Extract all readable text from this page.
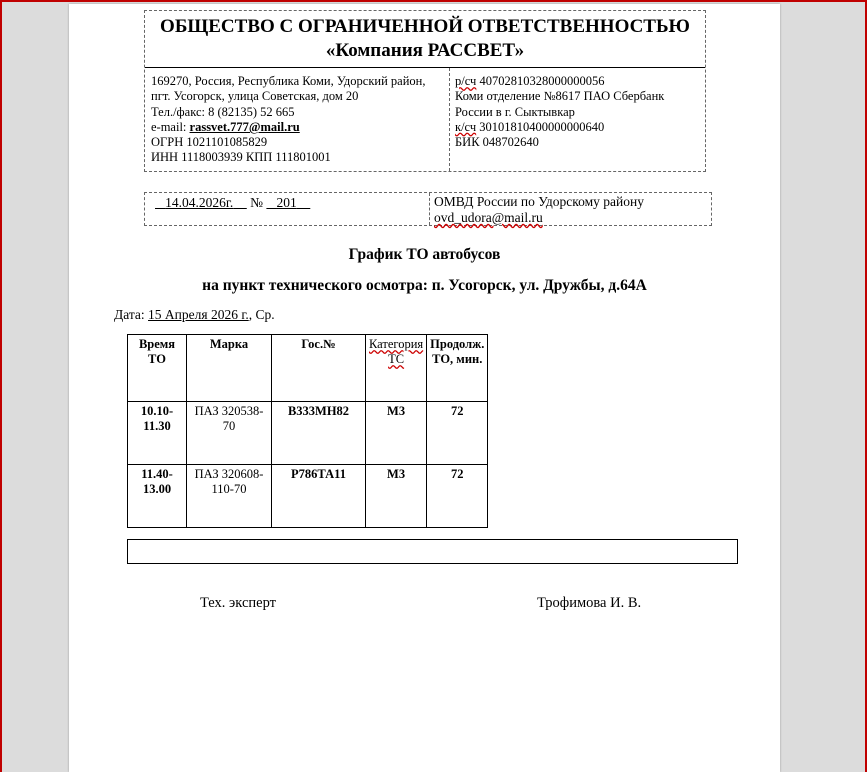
ОБЩЕСТВО С ОГРАНИЧЕННОЙ ОТВЕТСТВЕННОСТЬЮ
«Компания РАССВЕТ»
169270, Россия, Республика Коми, Удорский район,
пгт. Усогорск, улица Советская, дом 20
Тел./факс: 8 (82135) 52 665
e-mail: rassvet.777@mail.ru
ОГРН 1021101085829
ИНН 1118003939 КПП 111801001
р/сч 40702810328000000056
Коми отделение №8617 ПАО Сбербанк
России в г. Сыктывкар
к/сч 30101810400000000640
БИК 048702640
14.04.2026г. № 201	ОМВД России по Удорскому району
ovd_udora@mail.ru
График ТО автобусов
на пункт технического осмотра: п. Усогорск, ул. Дружбы, д.64А
Дата: 15 Апреля 2026 г., Ср.
Время ТО	Марка	Гос.№	Категория ТС	Продолж. ТО, мин.
10.10-11.30	ПАЗ 320538-70	В333МН82	М3	72
11.40-13.00	ПАЗ 320608-110-70	Р786ТА11	М3	72
Тех. эксперт	Трофимова И. В.
